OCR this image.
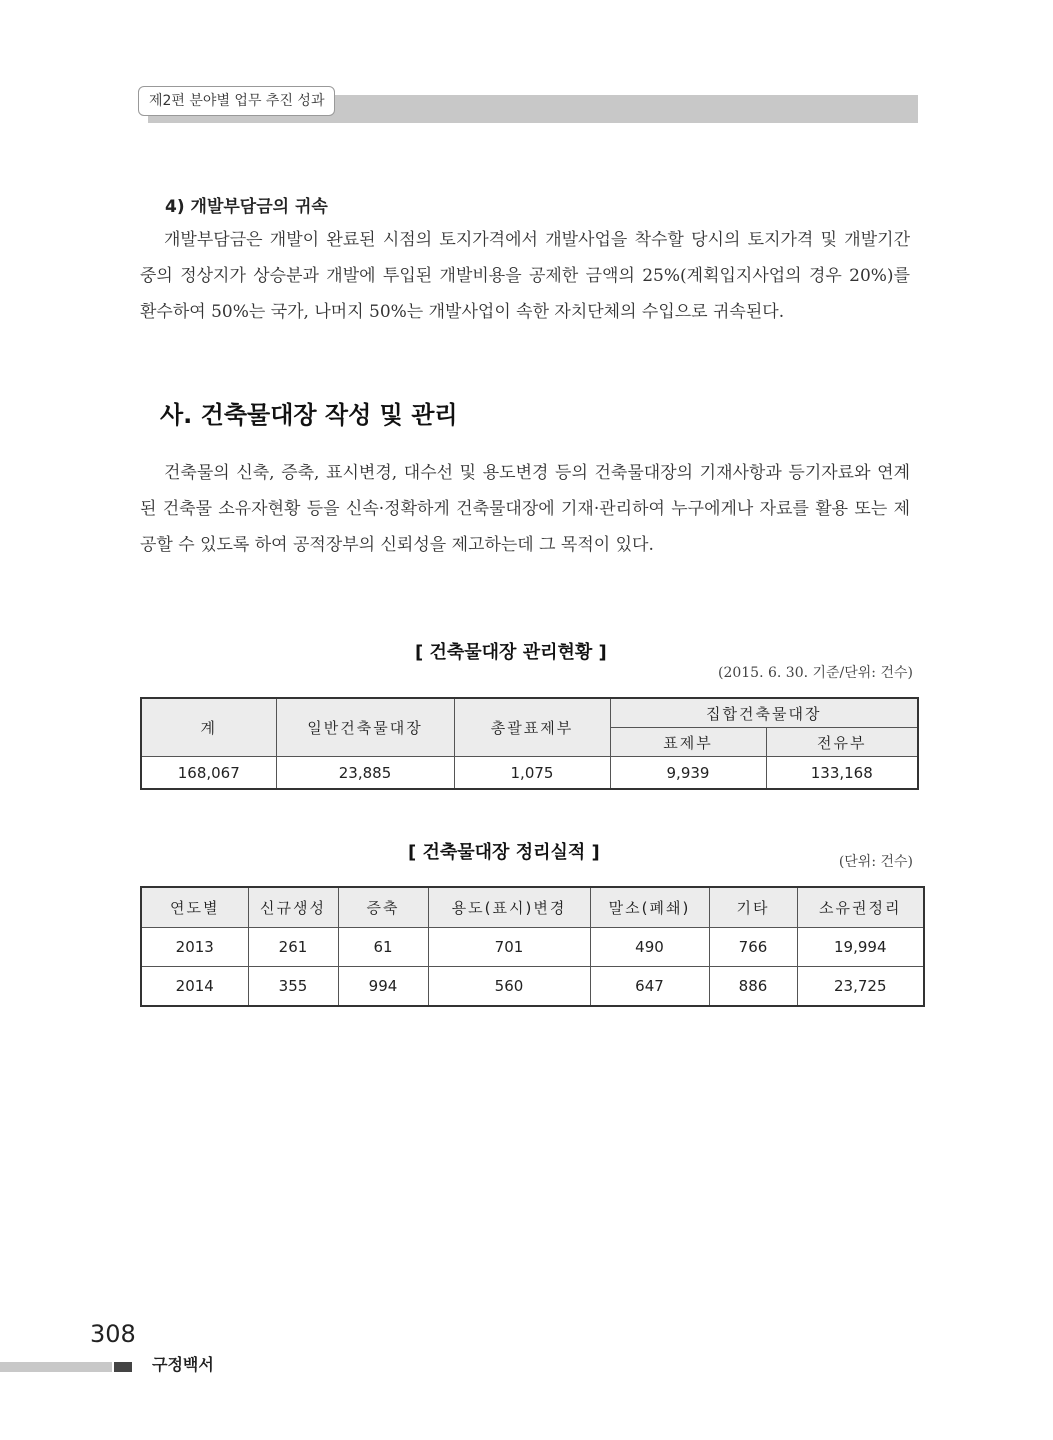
제2편 분야별 업무 추진 성과
4) 개발부담금의 귀속

개발부담금은 개발이 완료된 시점의 토지가격에서 개발사업을 착수할 당시의 토지가격 및 개발기간 중의 정상지가 상승분과 개발에 투입된 개발비용을 공제한 금액의 25%(계획입지사업의 경우 20%)를 환수하여 50%는 국가, 나머지 50%는 개발사업이 속한 자치단체의 수입으로 귀속된다.

사. 건축물대장 작성 및 관리

건축물의 신축, 증축, 표시변경, 대수선 및 용도변경 등의 건축물대장의 기재사항과 등기자료와 연계된 건축물 소유자현황 등을 신속·정확하게 건축물대장에 기재·관리하여 누구에게나 자료를 활용 또는 제공할 수 있도록 하여 공적장부의 신뢰성을 제고하는데 그 목적이 있다.

[ 건축물대장 관리현황 ]
(2015. 6. 30. 기준/단위: 건수)
계	일반건축물대장	총괄표제부	집합건축물대장	
			표제부	전유부
168,067	23,885	1,075	9,939	133,168
[ 건축물대장 정리실적 ]	(단위: 건수)
연도별	신규생성	증축	용도(표시)변경	말소(폐쇄)	기타	소유권정리
2013	261	61	701	490	766	19,994
2014	355	994	560	647	886	23,725
308
구정백서
